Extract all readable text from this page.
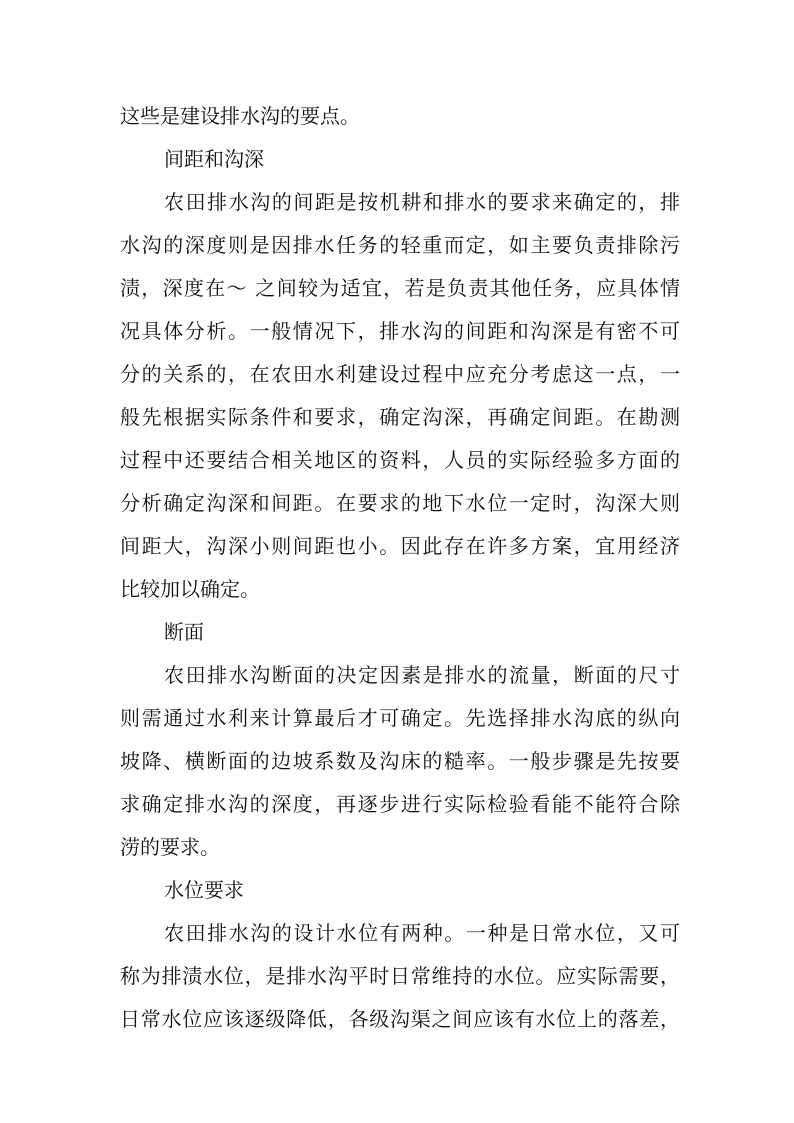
这些是建设排水沟的要点。
间距和沟深
农田排水沟的间距是按机耕和排水的要求来确定的，排
水沟的深度则是因排水任务的轻重而定，如主要负责排除污
渍，深度在～ 之间较为适宜，若是负责其他任务，应具体情
况具体分析。一般情况下，排水沟的间距和沟深是有密不可
分的关系的，在农田水利建设过程中应充分考虑这一点，一
般先根据实际条件和要求，确定沟深，再确定间距。在勘测
过程中还要结合相关地区的资料，人员的实际经验多方面的
分析确定沟深和间距。在要求的地下水位一定时，沟深大则
间距大，沟深小则间距也小。因此存在许多方案，宜用经济
比较加以确定。
断面
农田排水沟断面的决定因素是排水的流量，断面的尺寸
则需通过水利来计算最后才可确定。先选择排水沟底的纵向
坡降、横断面的边坡系数及沟床的糙率。一般步骤是先按要
求确定排水沟的深度，再逐步进行实际检验看能不能符合除
涝的要求。
水位要求
农田排水沟的设计水位有两种。一种是日常水位，又可
称为排渍水位，是排水沟平时日常维持的水位。应实际需要，
日常水位应该逐级降低，各级沟渠之间应该有水位上的落差，
